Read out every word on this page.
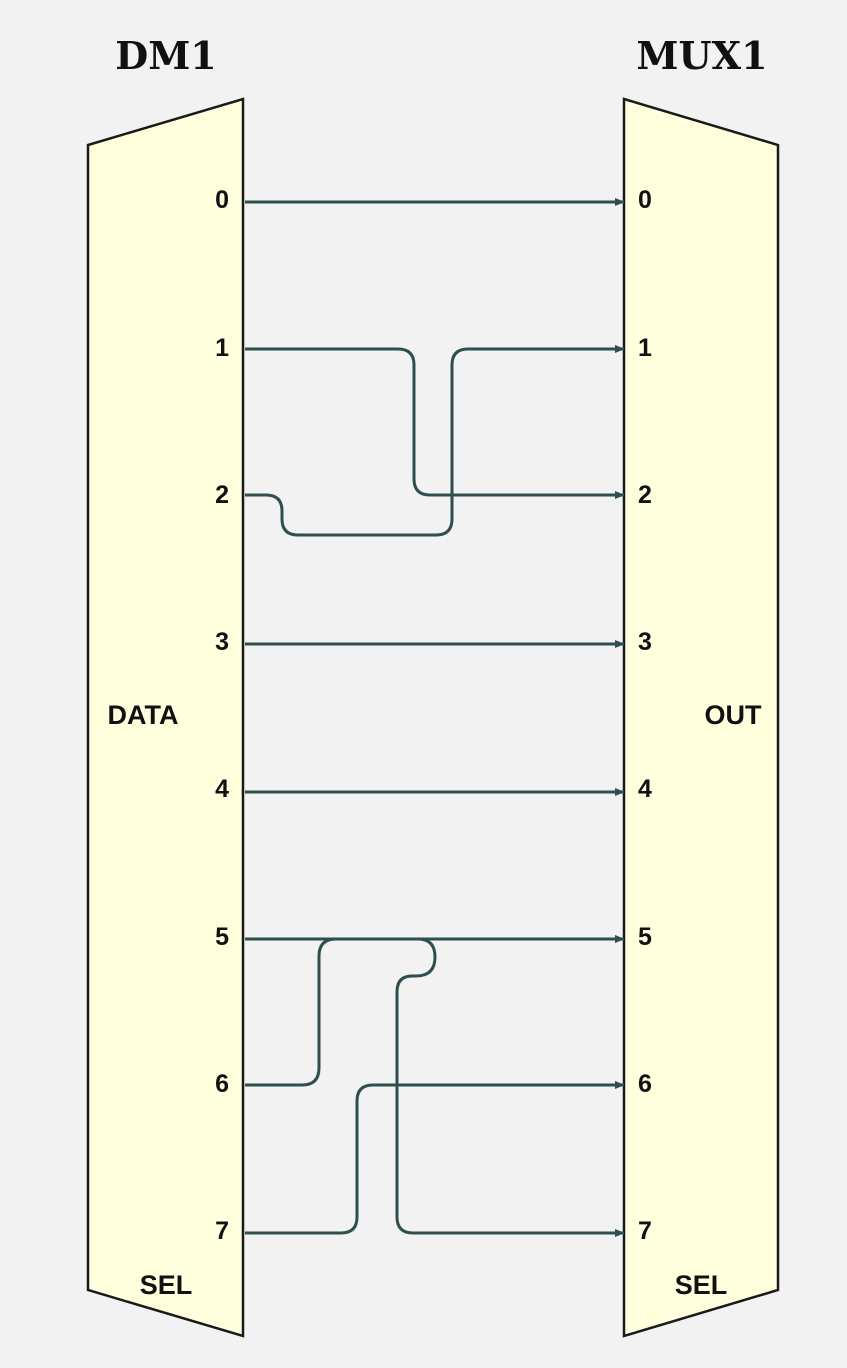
DM1	MUX1
DATA
SEL
OUT
SEL
0
1
2
3
4
5
6
7
0
1
2
3
4
5
6
7
